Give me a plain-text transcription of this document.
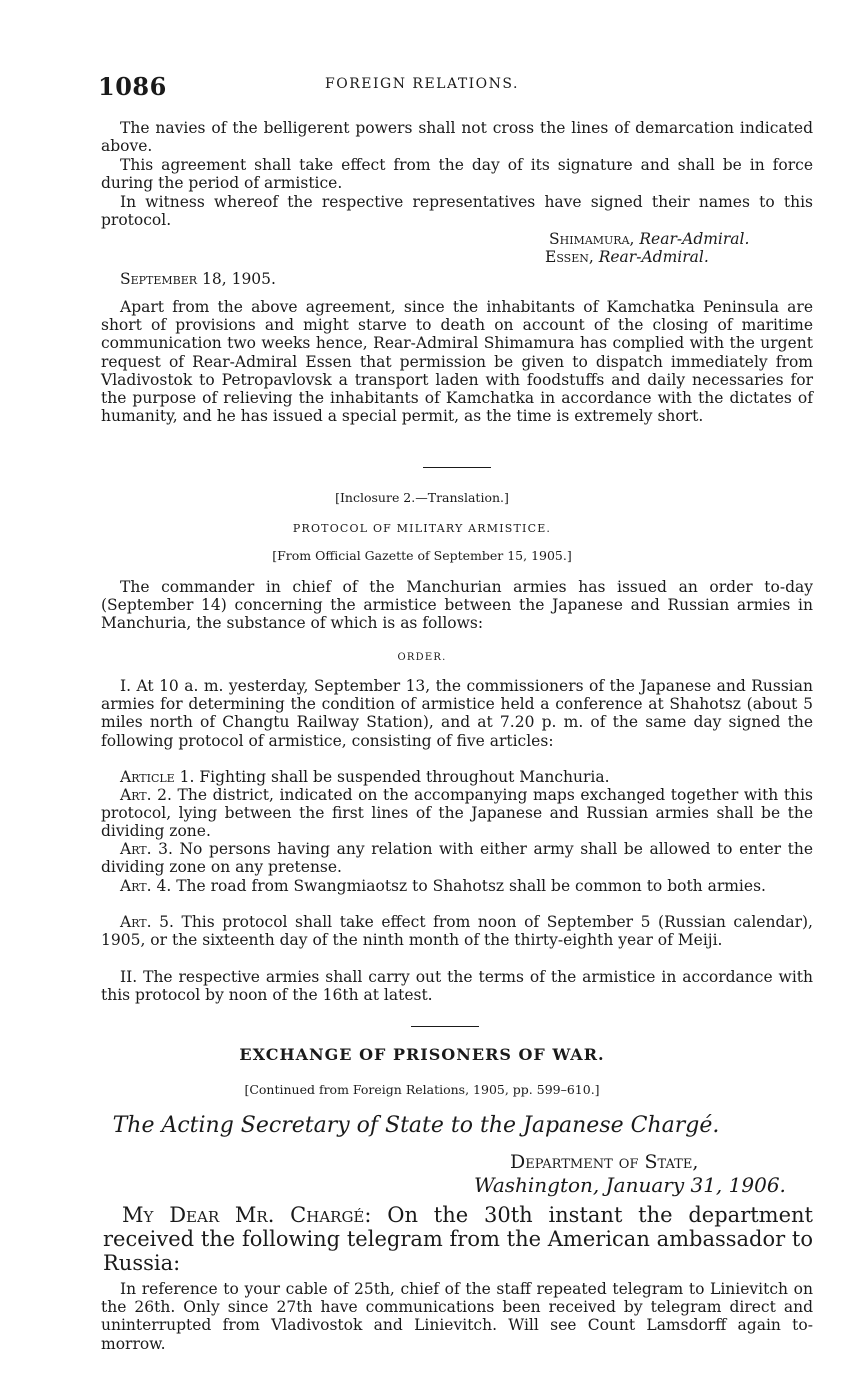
1086	FOREIGN RELATIONS.

The navies of the belligerent powers shall not cross the lines of demarcation indicated above.

This agreement shall take effect from the day of its signature and shall be in force during the period of armistice.

In witness whereof the respective representatives have signed their names to this protocol.

Shimamura, Rear-Admiral.
Essen, Rear-Admiral.
September 18, 1905.

Apart from the above agreement, since the inhabitants of Kamchatka Peninsula are short of provisions and might starve to death on account of the closing of maritime communication two weeks hence, Rear-Admiral Shimamura has complied with the urgent request of Rear-Admiral Essen that permission be given to dispatch immediately from Vladivostok to Petropavlovsk a transport laden with foodstuffs and daily necessaries for the purpose of relieving the inhabitants of Kamchatka in accordance with the dictates of humanity, and he has issued a special permit, as the time is extremely short.

[Inclosure 2.—Translation.]
PROTOCOL OF MILITARY ARMISTICE.
[From Official Gazette of September 15, 1905.]

The commander in chief of the Manchurian armies has issued an order to-day (September 14) concerning the armistice between the Japanese and Russian armies in Manchuria, the substance of which is as follows:

ORDER.

I. At 10 a. m. yesterday, September 13, the commissioners of the Japanese and Russian armies for determining the condition of armistice held a conference at Shahotsz (about 5 miles north of Changtu Railway Station), and at 7.20 p. m. of the same day signed the following protocol of armistice, consisting of five articles:

Article 1. Fighting shall be suspended throughout Manchuria.

Art. 2. The district, indicated on the accompanying maps exchanged together with this protocol, lying between the first lines of the Japanese and Russian armies shall be the dividing zone.

Art. 3. No persons having any relation with either army shall be allowed to enter the dividing zone on any pretense.

Art. 4. The road from Swangmiaotsz to Shahotsz shall be common to both armies.

Art. 5. This protocol shall take effect from noon of September 5 (Russian calendar), 1905, or the sixteenth day of the ninth month of the thirty-eighth year of Meiji.

II. The respective armies shall carry out the terms of the armistice in accordance with this protocol by noon of the 16th at latest.

EXCHANGE OF PRISONERS OF WAR.
[Continued from Foreign Relations, 1905, pp. 599–610.]
The Acting Secretary of State to the Japanese Chargé.
Department of State,
Washington, January 31, 1906.

My Dear Mr. Chargé: On the 30th instant the department received the following telegram from the American ambassador to Russia:

In reference to your cable of 25th, chief of the staff repeated telegram to Linievitch on the 26th. Only since 27th have communications been received by telegram direct and uninterrupted from Vladivostok and Linievitch. Will see Count Lamsdorff again to-morrow.
